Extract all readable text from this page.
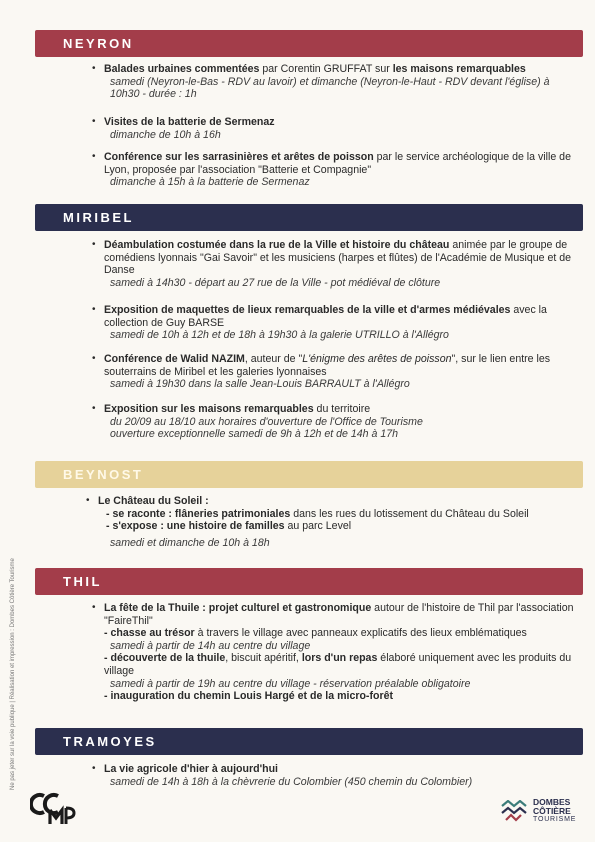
NEYRON
• Balades urbaines commentées par Corentin GRUFFAT sur les maisons remarquables
samedi (Neyron-le-Bas - RDV au lavoir) et dimanche (Neyron-le-Haut - RDV devant l'église) à 10h30 - durée : 1h
• Visites de la batterie de Sermenaz
dimanche de 10h à 16h
• Conférence sur les sarrasinières et arêtes de poisson par le service archéologique de la ville de Lyon, proposée par l'association "Batterie et Compagnie"
dimanche à 15h à la batterie de Sermenaz
MIRIBEL
• Déambulation costumée dans la rue de la Ville et histoire du château animée par le groupe de comédiens lyonnais "Gai Savoir" et les musiciens (harpes et flûtes) de l'Académie de Musique et de Danse
samedi à 14h30 - départ au 27 rue de la Ville - pot médiéval de clôture
• Exposition de maquettes de lieux remarquables de la ville et d'armes médiévales avec la collection de Guy BARSE
samedi de 10h à 12h et de 18h à 19h30 à la galerie UTRILLO à l'Allégro
• Conférence de Walid NAZIM, auteur de "L'énigme des arêtes de poisson", sur le lien entre les souterrains de Miribel et les galeries lyonnaises
samedi à 19h30 dans la salle Jean-Louis BARRAULT à l'Allégro
• Exposition sur les maisons remarquables du territoire
du 20/09 au 18/10 aux horaires d'ouverture de l'Office de Tourisme
ouverture exceptionnelle samedi de 9h à 12h et de 14h à 17h
BEYNOST
• Le Château du Soleil :
- se raconte : flâneries patrimoniales dans les rues du lotissement du Château du Soleil
- s'expose : une histoire de familles au parc Level
samedi et dimanche de 10h à 18h
THIL
• La fête de la Thuile : projet culturel et gastronomique autour de l'histoire de Thil par l'association "FaireThil"
- chasse au trésor à travers le village avec panneaux explicatifs des lieux emblématiques
samedi à partir de 14h au centre du village
- découverte de la thuile, biscuit apéritif, lors d'un repas élaboré uniquement avec les produits du village
samedi à partir de 19h au centre du village - réservation préalable obligatoire
- inauguration du chemin Louis Hargé et de la micro-forêt
TRAMOYES
• La vie agricole d'hier à aujourd'hui
samedi de 14h à 18h à la chèvrerie du Colombier (450 chemin du Colombier)
Ne pas jeter sur la voie publique | Réalisation et impression : Dombes Côtière Tourisme
DOMBES
CÔTIÈRE
TOURISME
